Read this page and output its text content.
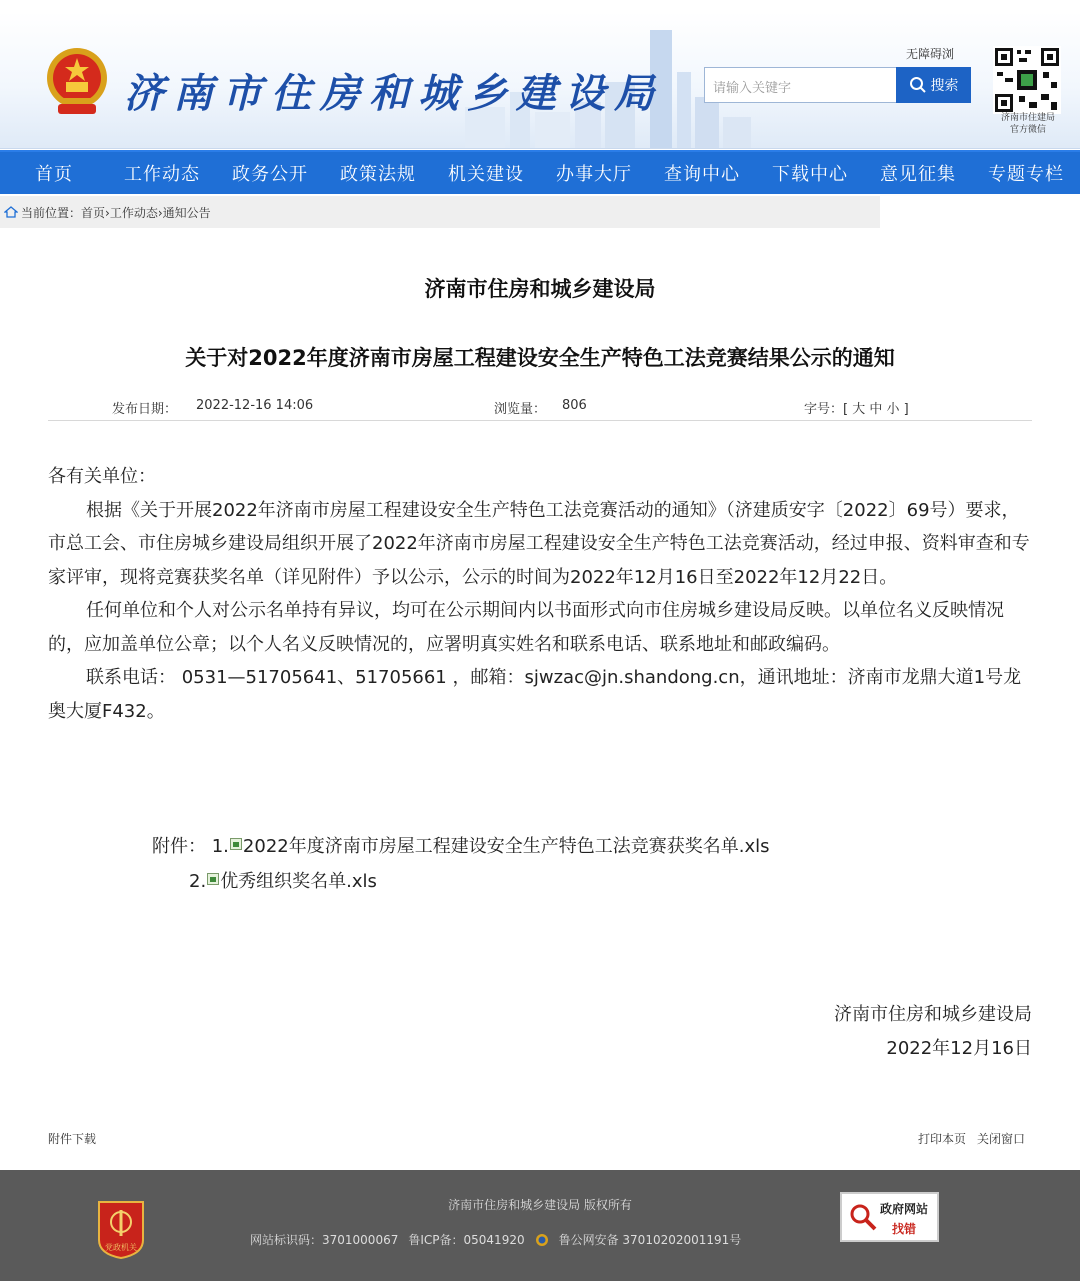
济南市住房和城乡建设局
无障碍浏
请输入关键字	搜索
济南市住建局
官方微信
首页	工作动态	政务公开	政策法规	机关建设	办事大厅	查询中心	下载中心	意见征集	专题专栏
当前位置： 首页›工作动态›通知公告
济南市住房和城乡建设局
关于对2022年度济南市房屋工程建设安全生产特色工法竞赛结果公示的通知
发布日期： 2022-12-16 14:06	浏览量： 806	字号：[ 大 中 小 ]

各有关单位：

根据《关于开展2022年济南市房屋工程建设安全生产特色工法竞赛活动的通知》（济建质安字〔2022〕69号）要求，市总工会、市住房城乡建设局组织开展了2022年济南市房屋工程建设安全生产特色工法竞赛活动，经过申报、资料审查和专家评审，现将竞赛获奖名单（详见附件）予以公示，公示的时间为2022年12月16日至2022年12月22日。

任何单位和个人对公示名单持有异议，均可在公示期间内以书面形式向市住房城乡建设局反映。以单位名义反映情况的，应加盖单位公章；以个人名义反映情况的，应署明真实姓名和联系电话、联系地址和邮政编码。

联系电话： 0531—51705641、51705661 ，邮箱：sjwzac@jn.shandong.cn，通讯地址：济南市龙鼎大道1号龙奥大厦F432。

附件： 1. 2022年度济南市房屋工程建设安全生产特色工法竞赛获奖名单.xls
2. 优秀组织奖名单.xls
济南市住房和城乡建设局
2022年12月16日
附件下载	打印本页 关闭窗口
济南市住房和城乡建设局 版权所有
网站标识码：3701000067 鲁ICP备：05041920	鲁公网安备 37010202001191号
党政机关
政府网站
找错
